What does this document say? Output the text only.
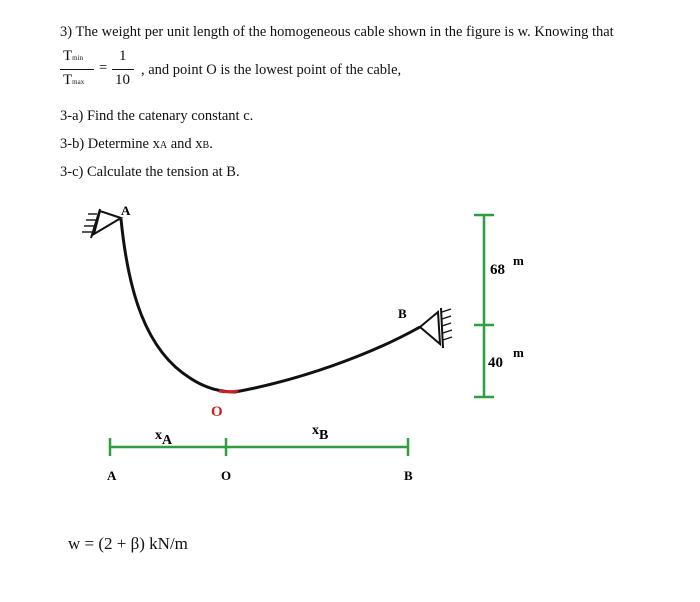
3) The weight per unit length of the homogeneous cable shown in the figure is w. Knowing that
Tmin
Tmax
=
1
10
, and point O is the lowest point of the cable,
3-a) Find the catenary constant c.
3-b) Determine xA and xB.
3-c) Calculate the tension at B.
A
O
B
68
m
40
m
xA
xB
A	O	B
w = (2 + β) kN/m
